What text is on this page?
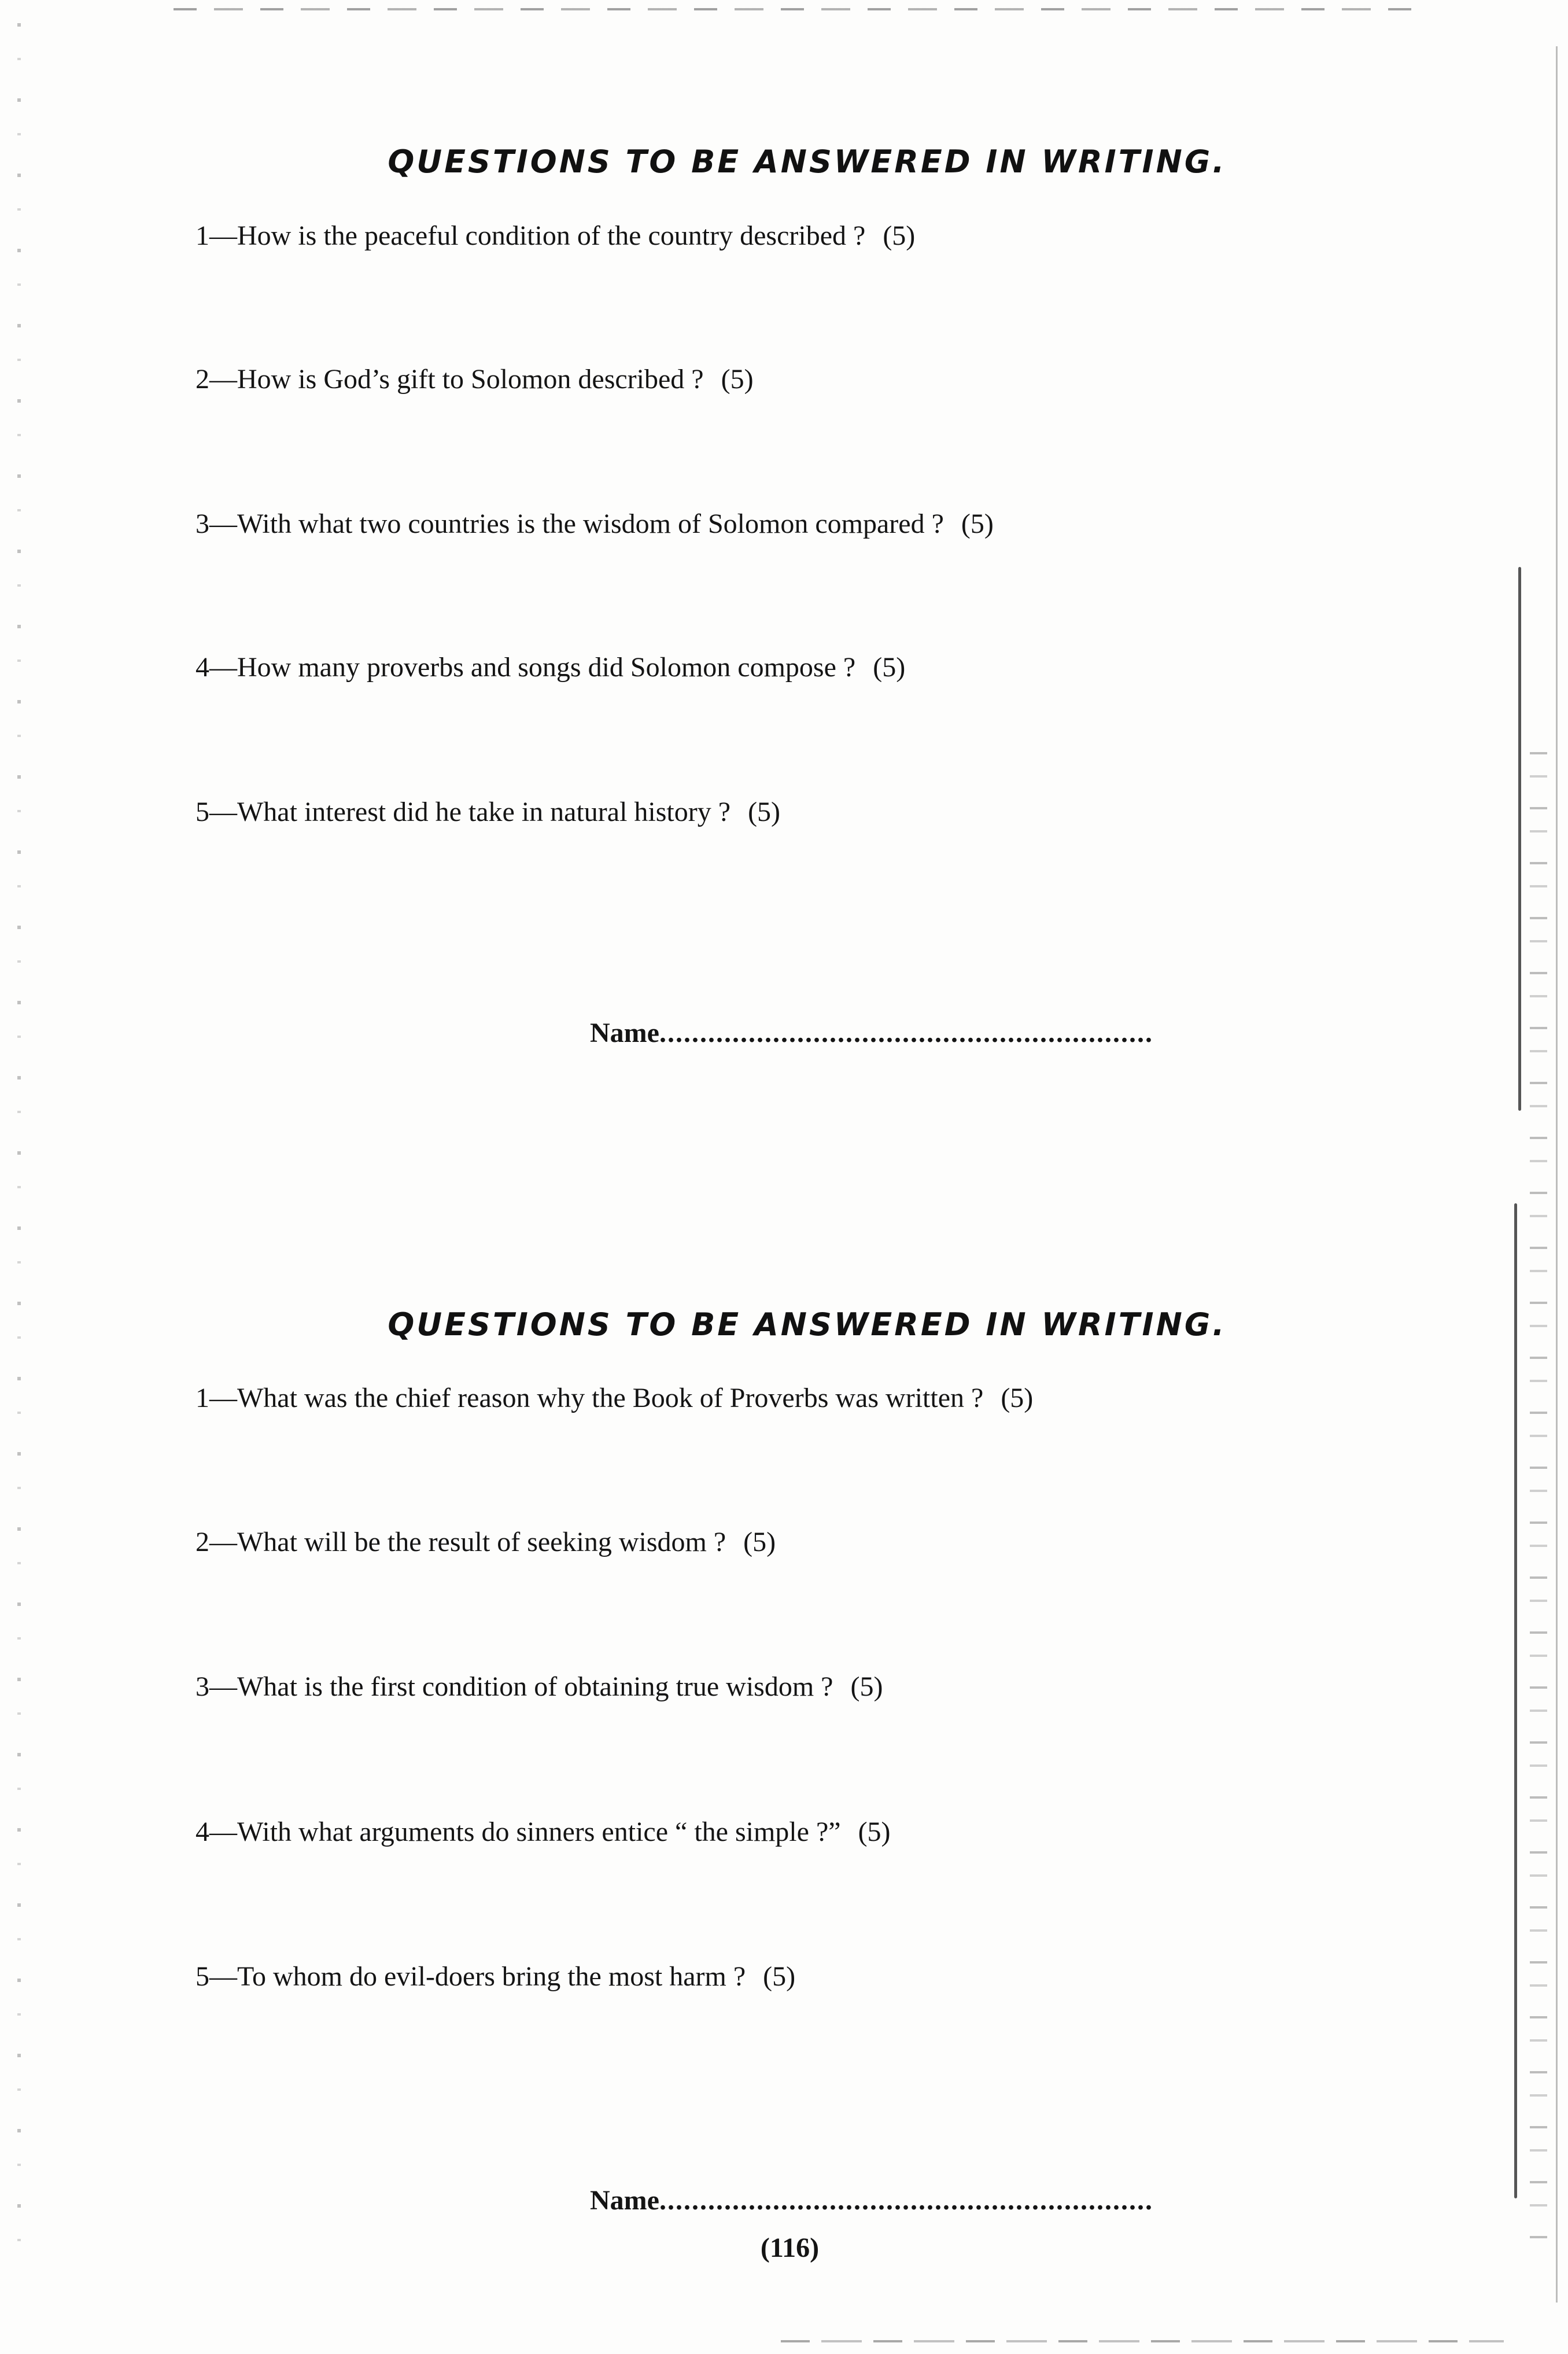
QUESTIONS TO BE ANSWERED IN WRITING.
1—How is the peaceful condition of the country described ? (5)
2—How is God’s gift to Solomon described ? (5)
3—With what two countries is the wisdom of Solomon compared ? (5)
4—How many proverbs and songs did Solomon compose ? (5)
5—What interest did he take in natural history ? (5)
Name.............................................................
QUESTIONS TO BE ANSWERED IN WRITING.
1—What was the chief reason why the Book of Proverbs was written ? (5)
2—What will be the result of seeking wisdom ? (5)
3—What is the first condition of obtaining true wisdom ? (5)
4—With what arguments do sinners entice “ the simple ?” (5)
5—To whom do evil-doers bring the most harm ? (5)
Name.............................................................
(116)
